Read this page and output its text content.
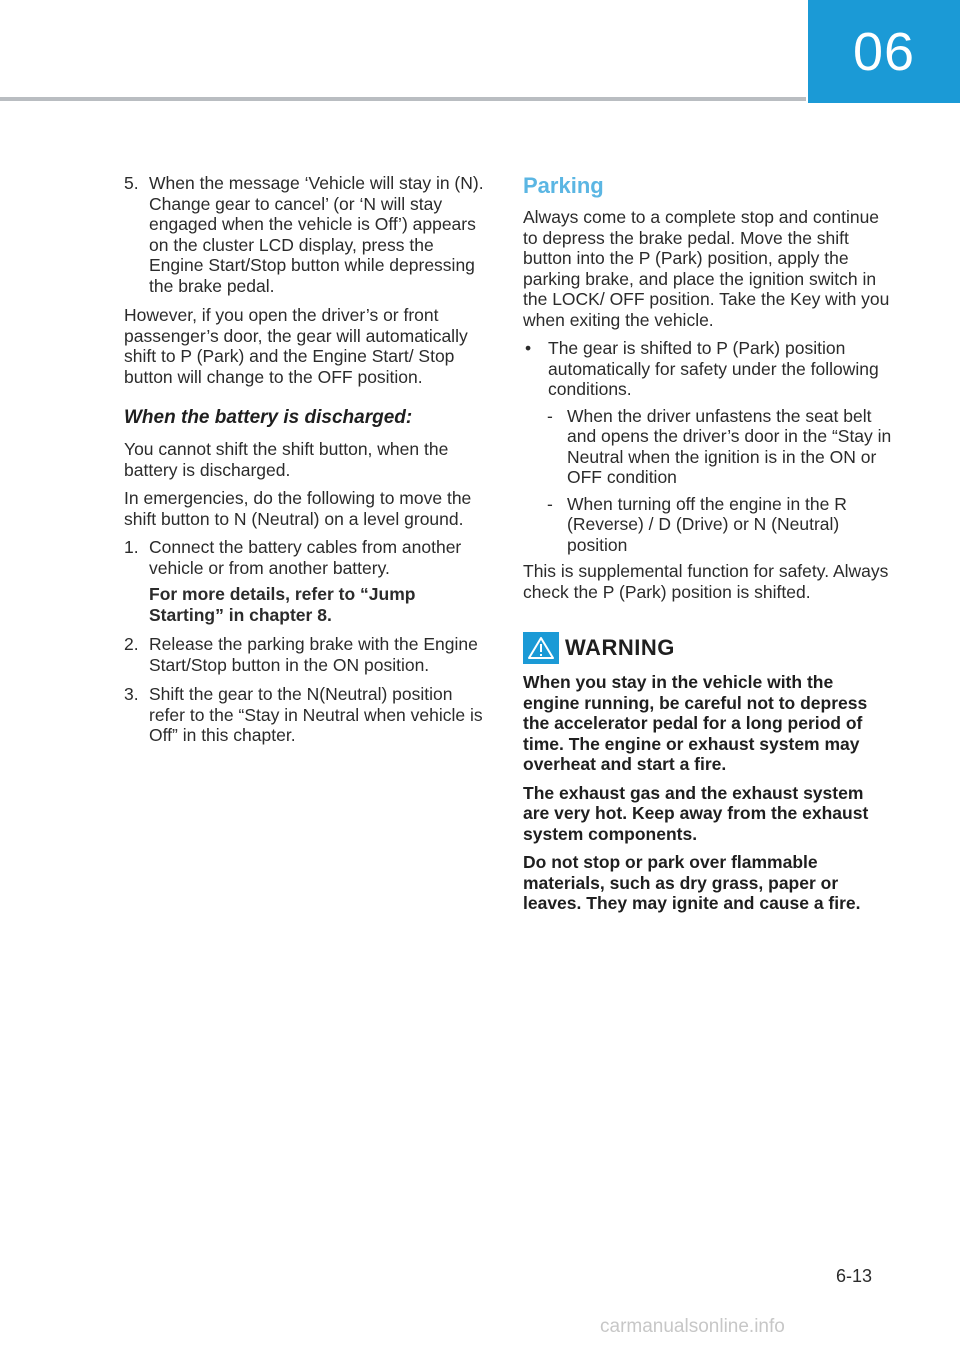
06
5. When the message ‘Vehicle will stay in (N). Change gear to cancel’ (or ‘N will stay engaged when the vehicle is Off’) appears on the cluster LCD display, press the Engine Start/Stop button while depressing the brake pedal.

However, if you open the driver’s or front passenger’s door, the gear will automatically shift to P (Park) and the Engine Start/ Stop button will change to the OFF position.

When the battery is discharged:

You cannot shift the shift button, when the battery is discharged.

In emergencies, do the following to move the shift button to N (Neutral) on a level ground.

1. Connect the battery cables from another vehicle or from another battery.
For more details, refer to “Jump Starting” in chapter 8.
2. Release the parking brake with the Engine Start/Stop button in the ON position.
3. Shift the gear to the N(Neutral) position refer to the “Stay in Neutral when vehicle is Off” in this chapter.
Parking

Always come to a complete stop and continue to depress the brake pedal. Move the shift button into the P (Park) position, apply the parking brake, and place the ignition switch in the LOCK/ OFF position. Take the Key with you when exiting the vehicle.

• The gear is shifted to P (Park) position automatically for safety under the following conditions.
- When the driver unfastens the seat belt and opens the driver’s door in the “Stay in Neutral when the ignition is in the ON or OFF condition
- When turning off the engine in the R (Reverse) / D (Drive) or N (Neutral) position

This is supplemental function for safety. Always check the P (Park) position is shifted.

WARNING

When you stay in the vehicle with the engine running, be careful not to depress the accelerator pedal for a long period of time. The engine or exhaust system may overheat and start a fire.

The exhaust gas and the exhaust system are very hot. Keep away from the exhaust system components.

Do not stop or park over flammable materials, such as dry grass, paper or leaves. They may ignite and cause a fire.

6-13
carmanualsonline.info
